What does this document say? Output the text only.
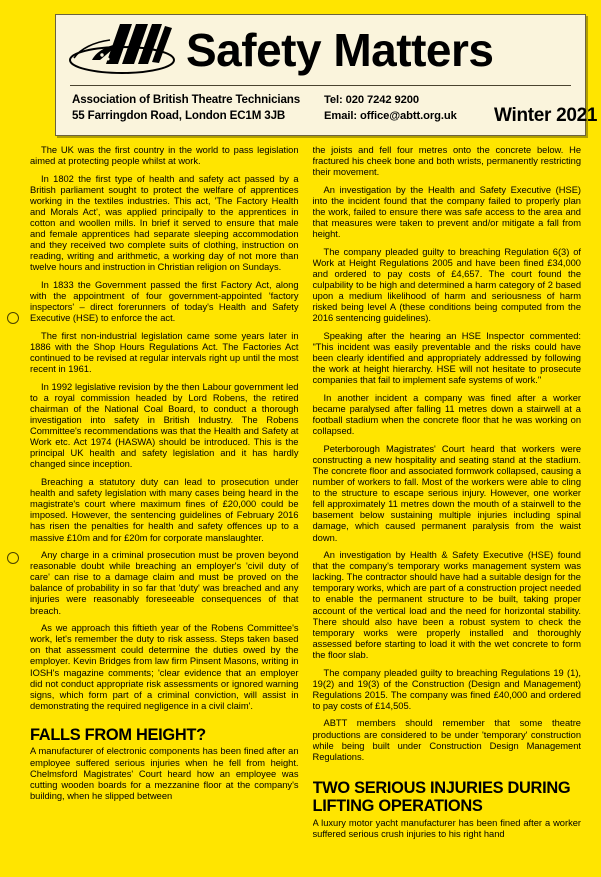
Safety Matters
Association of British Theatre Technicians
55 Farringdon Road, London EC1M 3JB
Tel: 020 7242 9200
Email: office@abtt.org.uk	Winter 2021

The UK was the first country in the world to pass legislation aimed at protecting people whilst at work.

In 1802 the first type of health and safety act passed by a British parliament sought to protect the welfare of apprentices working in the textiles industries. This act, 'The Factory Health and Morals Act', was applied principally to the apprentices in cotton and woollen mills. In brief it served to ensure that male and female apprentices had separate sleeping accommodation and they received two complete suits of clothing, instruction on reading, writing and arithmetic, a working day of not more than twelve hours and instruction in Christian religion on Sundays.

In 1833 the Government passed the first Factory Act, along with the appointment of four government-appointed 'factory inspectors' – direct forerunners of today's Health and Safety Executive (HSE) to enforce the act.

The first non-industrial legislation came some years later in 1886 with the Shop Hours Regulations Act. The Factories Act continued to be revised at regular intervals right up until the most recent in 1961.

In 1992 legislative revision by the then Labour government led to a royal commission headed by Lord Robens, the retired chairman of the National Coal Board, to conduct a thorough investigation into safety in British Industry. The Robens Committee's recommendations was that the Health and Safety at Work etc. Act 1974 (HASWA) should be introduced. This is the principal UK health and safety legislation and it has hardly changed since inception.

Breaching a statutory duty can lead to prosecution under health and safety legislation with many cases being heard in the magistrate's court where maximum fines of £20,000 could be imposed. However, the sentencing guidelines of February 2016 has risen the penalties for health and safety offences up to a massive £10m and for £20m for corporate manslaughter.

Any charge in a criminal prosecution must be proven beyond reasonable doubt while breaching an employer's 'civil duty of care' can rise to a damage claim and must be proved on the balance of probability in so far that 'duty' was breached and any injuries were reasonably foreseeable consequences of that breach.

As we approach this fiftieth year of the Robens Committee's work, let's remember the duty to risk assess. Steps taken based on that assessment could determine the duties owed by the employer. Kevin Bridges from law firm Pinsent Masons, writing in IOSH's magazine comments; 'clear evidence that an employer did not conduct appropriate risk assessments or ignored warning signs, which form part of a criminal conviction, will assist in demonstrating the required negligence in a civil claim'.

FALLS FROM HEIGHT?

A manufacturer of electronic components has been fined after an employee suffered serious injuries when he fell from height. Chelmsford Magistrates' Court heard how an employee was cutting wooden boards for a mezzanine floor at the company's building, when he slipped between

the joists and fell four metres onto the concrete below. He fractured his cheek bone and both wrists, permanently restricting their movement.

An investigation by the Health and Safety Executive (HSE) into the incident found that the company failed to properly plan the work, failed to ensure there was safe access to the area and that measures were taken to prevent and/or mitigate a fall from height.

The company pleaded guilty to breaching Regulation 6(3) of Work at Height Regulations 2005 and have been fined £34,000 and ordered to pay costs of £4,657. The court found the culpability to be high and determined a harm category of 2 based upon a medium likelihood of harm and seriousness of harm risked being level A (these conditions being computed from the 2016 sentencing guidelines).

Speaking after the hearing an HSE Inspector commented: "This incident was easily preventable and the risks could have been clearly identified and appropriately addressed by following the work at height hierarchy. HSE will not hesitate to prosecute companies that fail to implement safe systems of work."

In another incident a company was fined after a worker became paralysed after falling 11 metres down a stairwell at a football stadium when the concrete floor that he was working on collapsed.

Peterborough Magistrates' Court heard that workers were constructing a new hospitality and seating stand at the stadium. The concrete floor and associated formwork collapsed, causing a number of workers to fall. Most of the workers were able to cling to the structure to escape serious injury. However, one worker fell approximately 11 metres down the mouth of a stairwell to the basement below sustaining multiple injuries including spinal damage, which caused permanent paralysis from the waist down.

An investigation by Health & Safety Executive (HSE) found that the company's temporary works management system was lacking. The contractor should have had a suitable design for the temporary works, which are part of a construction project needed to enable the permanent structure to be built, taking proper account of the vertical load and the need for horizontal stability. There should also have been a robust system to check the temporary works were properly installed and thoroughly assessed before starting to load it with the wet concrete to form the floor slab.

The company pleaded guilty to breaching Regulations 19 (1), 19(2) and 19(3) of the Construction (Design and Management) Regulations 2015. The company was fined £40,000 and ordered to pay costs of £14,505.

ABTT members should remember that some theatre productions are considered to be under 'temporary' construction while being built under Construction Design Management Regulations.

TWO SERIOUS INJURIES DURING LIFTING OPERATIONS

A luxury motor yacht manufacturer has been fined after a worker suffered serious crush injuries to his right hand
